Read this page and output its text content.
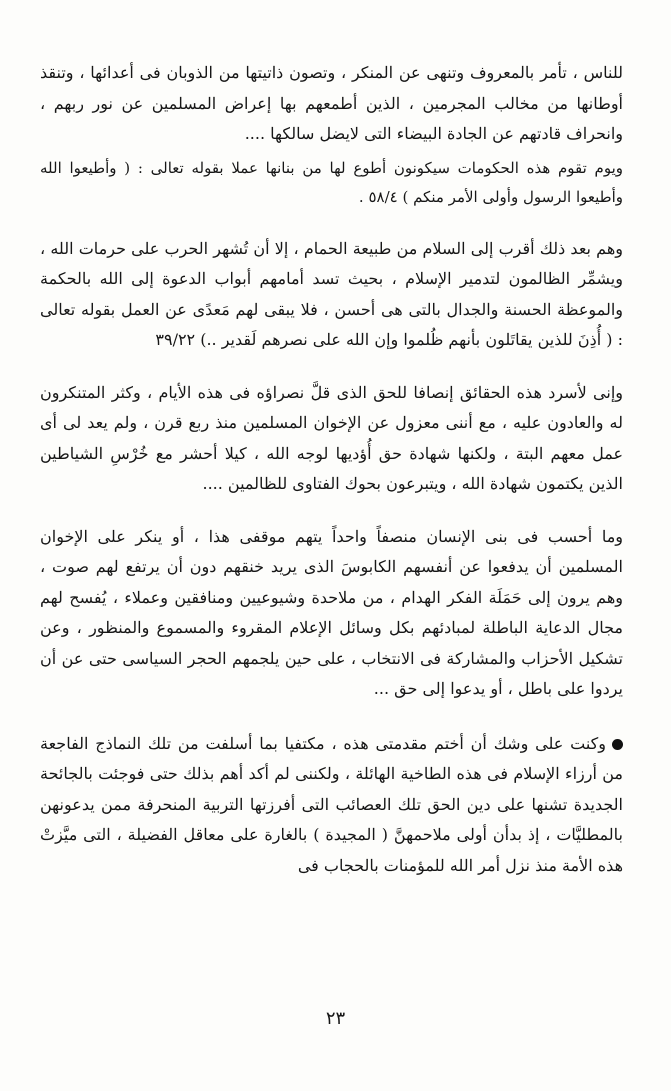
للناس ، تأمر بالمعروف وتنهى عن المنكر ، وتصون ذاتيتها من الذوبان فى أعدائها ، وتنقذ أوطانها من مخالب المجرمين ، الذين أطمعهم بها إعراض المسلمين عن نور ربهم ، وانحراف قادتهم عن الجادة البيضاء التى لايضل سالكها ....

ويوم تقوم هذه الحكومات سيكونون أطوع لها من بنانها عملا بقوله تعالى : ( وأطيعوا الله وأطيعوا الرسول وأولى الأمر منكم ) ٥٨/٤ .

وهم بعد ذلك أقرب إلى السلام من طبيعة الحمام ، إلا أن تُشهر الحرب على حرمات الله ، ويشمِّر الظالمون لتدمير الإسلام ، بحيث تسد أمامهم أبواب الدعوة إلى الله بالحكمة والموعظة الحسنة والجدال بالتى هى أحسن ، فلا يبقى لهم مَعدًى عن العمل بقوله تعالى : ( أُذِنَ للذين يقاتَلون بأنهم ظُلموا وإن الله على نصرهم لَقدير ..) ٣٩/٢٢

وإنى لأسرد هذه الحقائق إنصافا للحق الذى قلَّ نصراؤه فى هذه الأيام ، وكثر المتنكرون له والعادون عليه ، مع أننى معزول عن الإخوان المسلمين منذ ربع قرن ، ولم يعد لى أى عمل معهم البتة ، ولكنها شهادة حق أُؤديها لوجه الله ، كيلا أحشر مع خُرْسِ الشياطين الذين يكتمون شهادة الله ، ويتبرعون بحوك الفتاوى للظالمين ....

وما أحسب فى بنى الإنسان منصفاً واحداً يتهم موقفى هذا ، أو ينكر على الإخوان المسلمين أن يدفعوا عن أنفسهم الكابوسَ الذى يريد خنقهم دون أن يرتفع لهم صوت ، وهم يرون إلى حَمَلَة الفكر الهدام ، من ملاحدة وشيوعيين ومنافقين وعملاء ، يُفسح لهم مجال الدعاية الباطلة لمبادئهم بكل وسائل الإعلام المقروء والمسموع والمنظور ، وعن تشكيل الأحزاب والمشاركة فى الانتخاب ، على حين يلجمهم الحجر السياسى حتى عن أن يردوا على باطل ، أو يدعوا إلى حق ...

وكنت على وشك أن أختم مقدمتى هذه ، مكتفيا بما أسلفت من تلك النماذج الفاجعة من أرزاء الإسلام فى هذه الطاخية الهائلة ، ولكننى لم أكد أهم بذلك حتى فوجئت بالجائحة الجديدة تشنها على دين الحق تلك العصائب التى أفرزتها التربية المنحرفة ممن يدعونهن بالمطليَّات ، إذ بدأن أولى ملاحمهنَّ ( المجيدة ) بالغارة على معاقل الفضيلة ، التى ميَّزتْ هذه الأمة منذ نزل أمر الله للمؤمنات بالحجاب فى

٢٣
